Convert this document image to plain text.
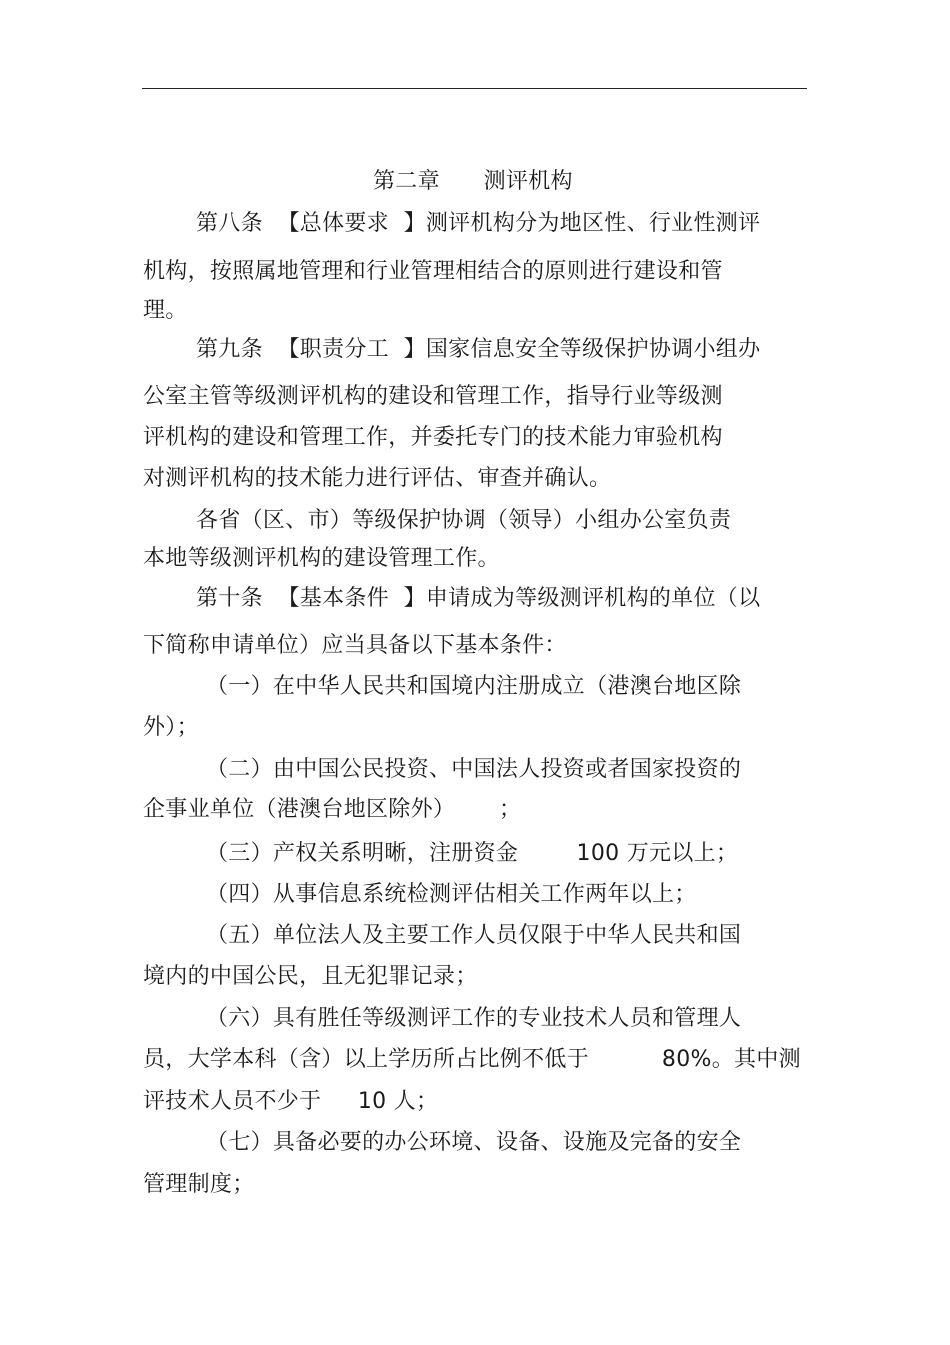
第二章      测评机构
第八条  【总体要求  】测评机构分为地区性、行业性测评
机构，按照属地管理和行业管理相结合的原则进行建设和管
理。
第九条  【职责分工  】国家信息安全等级保护协调小组办
公室主管等级测评机构的建设和管理工作，指导行业等级测
评机构的建设和管理工作，并委托专门的技术能力审验机构
对测评机构的技术能力进行评估、审查并确认。
各省（区、市）等级保护协调（领导）小组办公室负责
本地等级测评机构的建设管理工作。
第十条  【基本条件  】申请成为等级测评机构的单位（以
下简称申请单位）应当具备以下基本条件：
（一）在中华人民共和国境内注册成立（港澳台地区除
外）；
（二）由中国公民投资、中国法人投资或者国家投资的
企事业单位（港澳台地区除外）      ；
（三）产权关系明晰，注册资金        100 万元以上；
（四）从事信息系统检测评估相关工作两年以上；
（五）单位法人及主要工作人员仅限于中华人民共和国
境内的中国公民，且无犯罪记录；
（六）具有胜任等级测评工作的专业技术人员和管理人
员，大学本科（含）以上学历所占比例不低于          80%。其中测
评技术人员不少于     10 人；
（七）具备必要的办公环境、设备、设施及完备的安全
管理制度；
